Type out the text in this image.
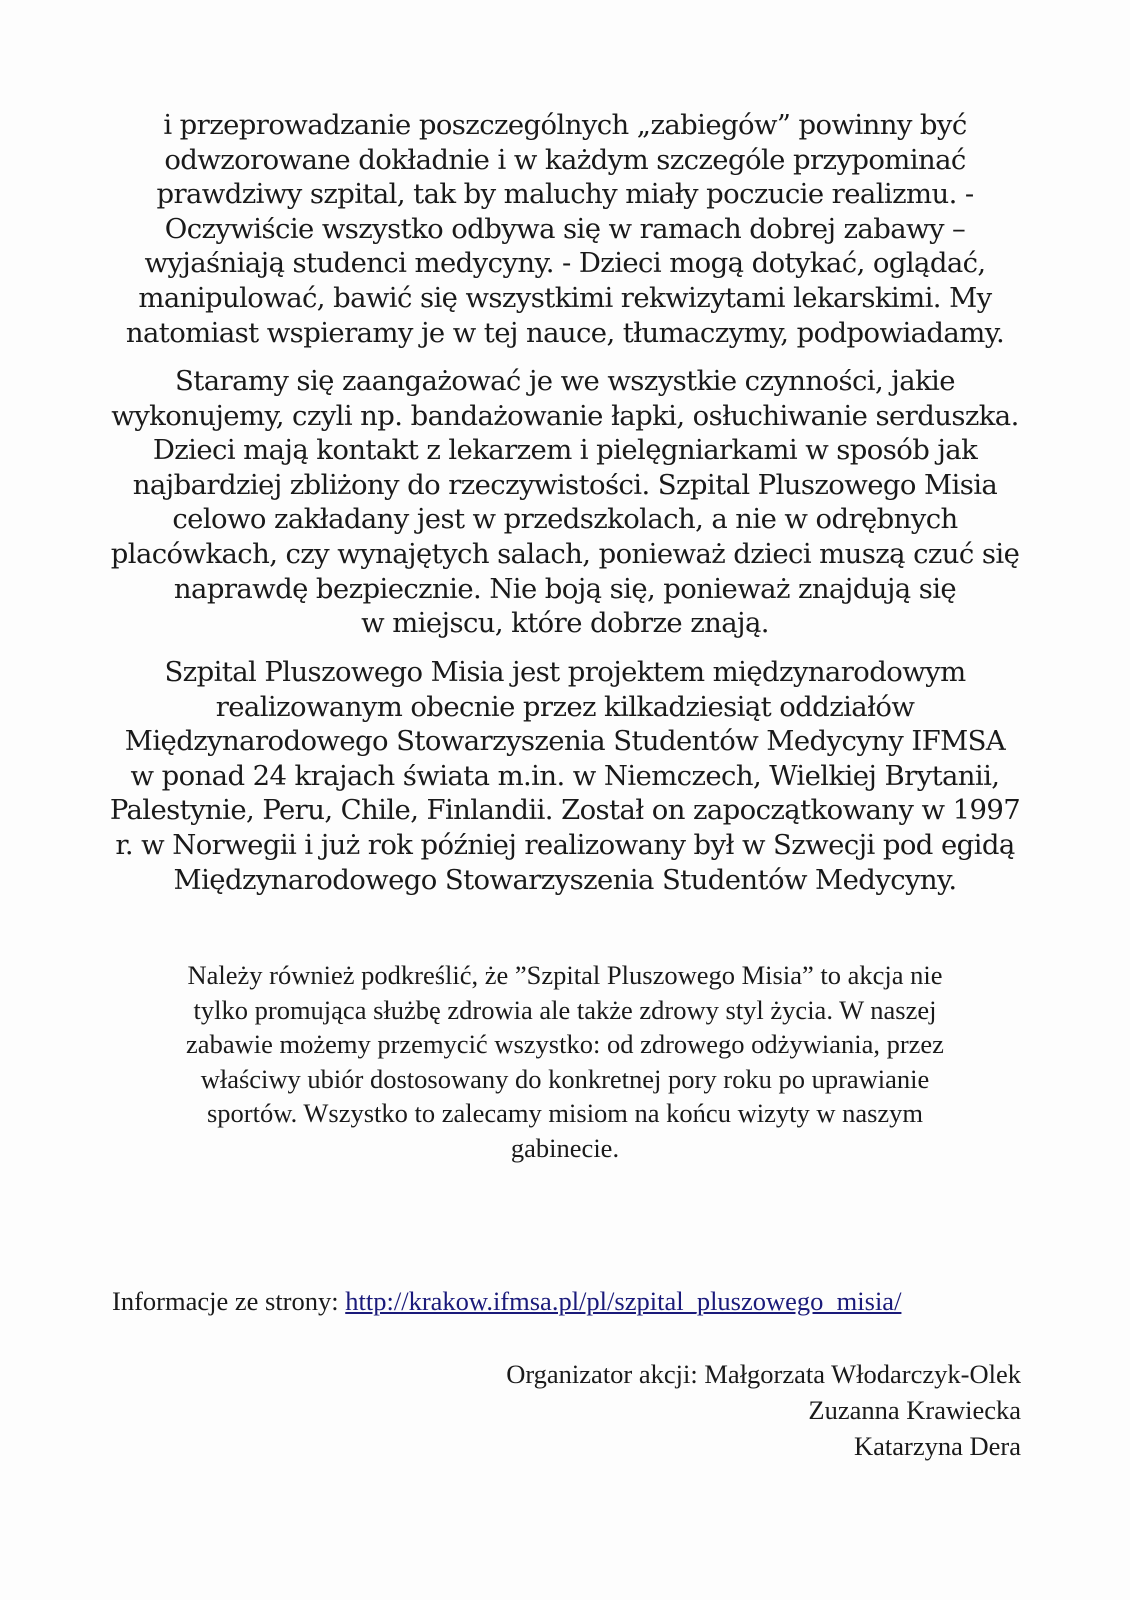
i przeprowadzanie poszczególnych „zabiegów” powinny być
odwzorowane dokładnie i w każdym szczególe przypominać
prawdziwy szpital, tak by maluchy miały poczucie realizmu. -
Oczywiście wszystko odbywa się w ramach dobrej zabawy –
wyjaśniają studenci medycyny. - Dzieci mogą dotykać, oglądać,
manipulować, bawić się wszystkimi rekwizytami lekarskimi. My
natomiast wspieramy je w tej nauce, tłumaczymy, podpowiadamy.
Staramy się zaangażować je we wszystkie czynności, jakie
wykonujemy, czyli np. bandażowanie łapki, osłuchiwanie serduszka.
Dzieci mają kontakt z lekarzem i pielęgniarkami w sposób jak
najbardziej zbliżony do rzeczywistości. Szpital Pluszowego Misia
celowo zakładany jest w przedszkolach, a nie w odrębnych
placówkach, czy wynajętych salach, ponieważ dzieci muszą czuć się
naprawdę bezpiecznie. Nie boją się, ponieważ znajdują się
w miejscu, które dobrze znają.
Szpital Pluszowego Misia jest projektem międzynarodowym
realizowanym obecnie przez kilkadziesiąt oddziałów
Międzynarodowego Stowarzyszenia Studentów Medycyny IFMSA
w ponad 24 krajach świata m.in. w Niemczech, Wielkiej Brytanii,
Palestynie, Peru, Chile, Finlandii. Został on zapoczątkowany w 1997
r. w Norwegii i już rok później realizowany był w Szwecji pod egidą
Międzynarodowego Stowarzyszenia Studentów Medycyny.
Należy również podkreślić, że ”Szpital Pluszowego Misia” to akcja nie
tylko promująca służbę zdrowia ale także zdrowy styl życia. W naszej
zabawie możemy przemycić wszystko: od zdrowego odżywiania, przez
właściwy ubiór dostosowany do konkretnej pory roku po uprawianie
sportów. Wszystko to zalecamy misiom na końcu wizyty w naszym
gabinecie.
Informacje ze strony: http://krakow.ifmsa.pl/pl/szpital_pluszowego_misia/
Organizator akcji: Małgorzata Włodarczyk-Olek
Zuzanna Krawiecka
Katarzyna Dera
